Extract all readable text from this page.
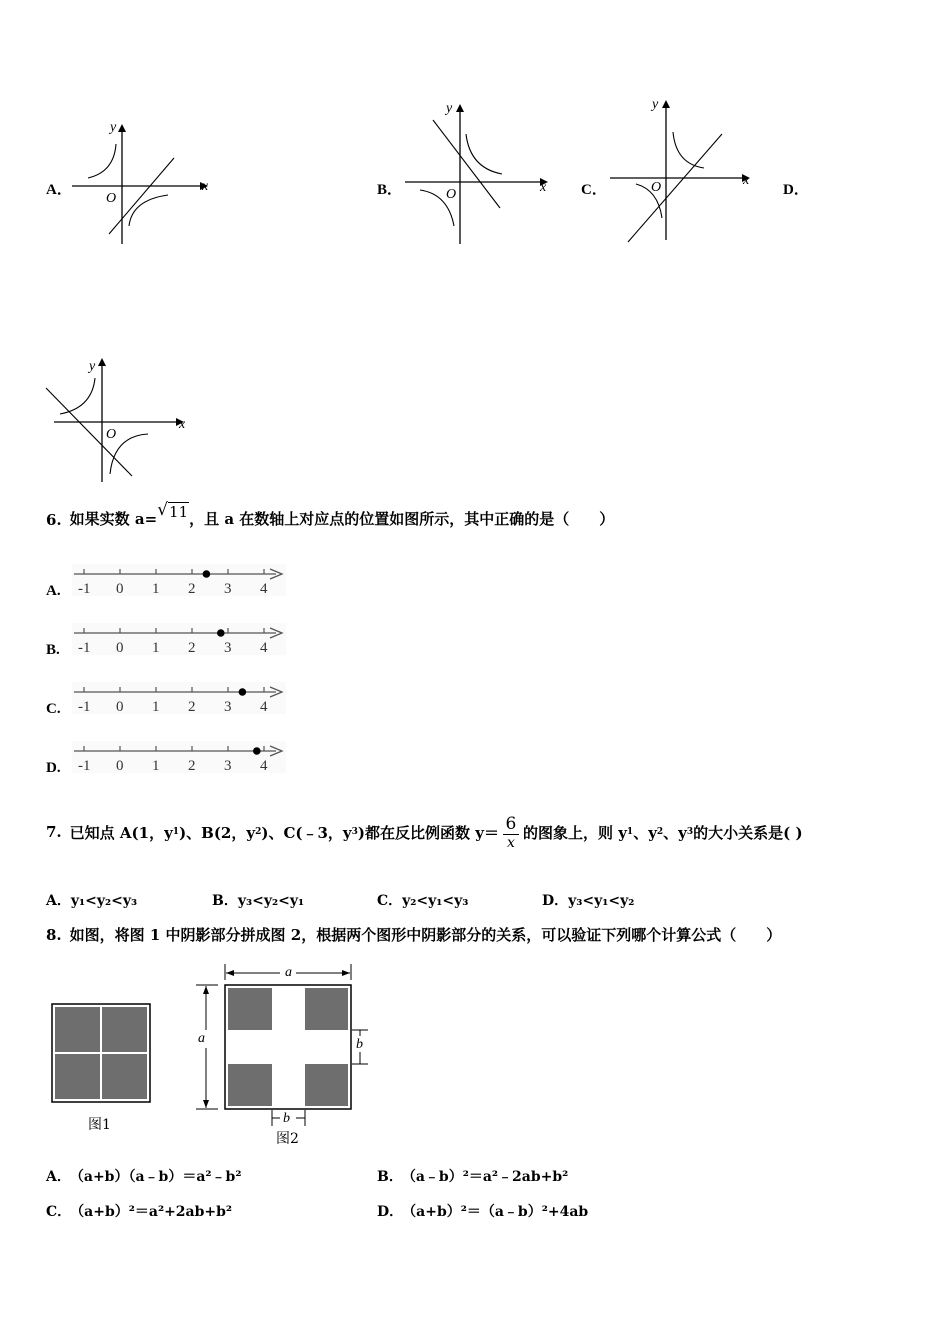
A．	x
y
O
B．	x
y
O	C．
x
y
O	D．
x
y
O
6. 如果实数 a= √ 11 ，且 a 在数轴上对应点的位置如图所示，其中正确的是（　　）
A. -1 0 1 2 3 4
B. -1 0 1 2 3 4
C. -1 0 1 2 3 4
D. -1 0 1 2 3 4
7. 已知点 A(1，y 1 )、B(2，y 2 )、C(﹣3，y 3 )都在反比例函数 y＝ 6
x
的图象上，则 y 1 、y 2 、y 3 的大小关系是( )
A．y₁<y₂<y₃	B．y₃<y₂<y₁	C．y₂<y₁<y₃	D．y₃<y₁<y₂
8. 如图，将图 1 中阴影部分拼成图 2，根据两个图形中阴影部分的关系，可以验证下列哪个计算公式（　　）
图1
a
a	b
b
图2
A． （a+b）（a﹣b）＝a²﹣b²	B． （a﹣b）²＝a²﹣2ab+b²
C． （a+b）²＝a²+2ab+b²	D． （a+b）²＝（a﹣b）²+4ab
